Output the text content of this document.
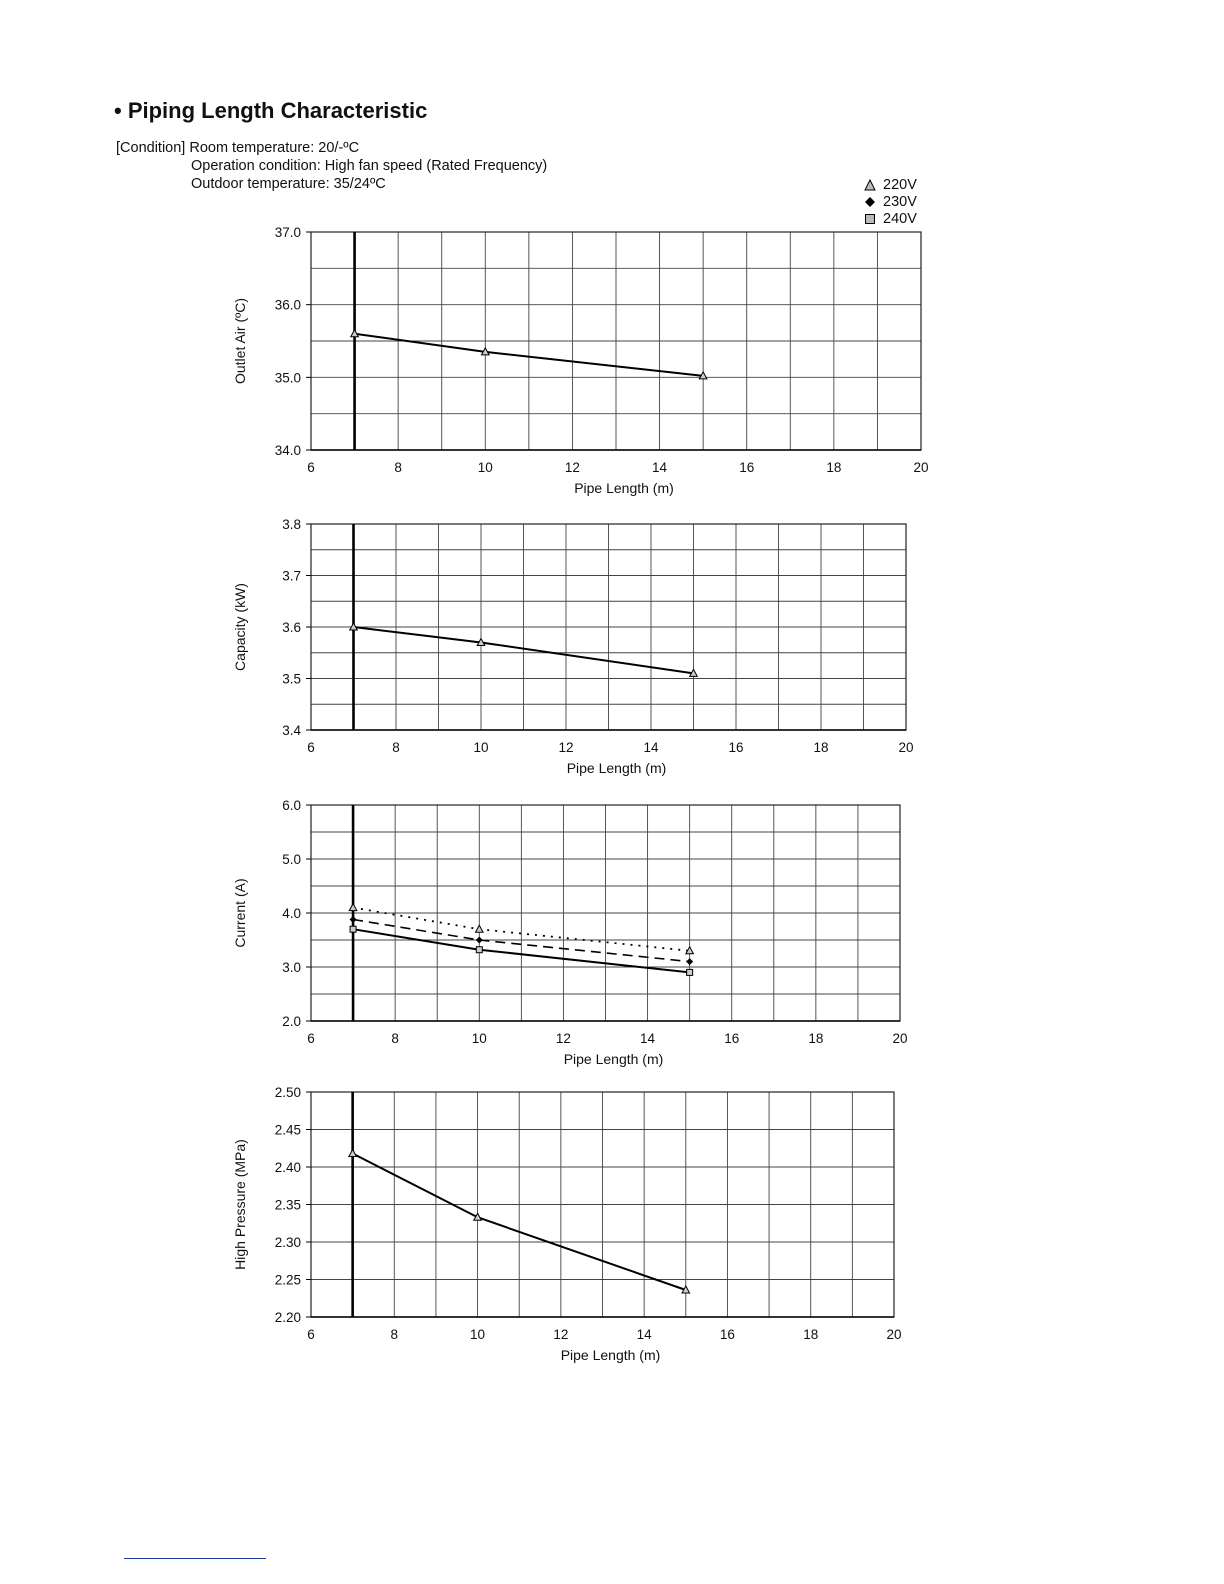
• Piping Length Characteristic
[Condition] Room temperature: 20/-ºC
Operation condition: High fan speed (Rated Frequency)
Outdoor temperature: 35/24ºC	220V
230V
240V
34.0
35.0
36.0
37.0
6	8	10	12	14	16	18	20
Pipe Length (m)
Outlet Air (ºC)
3.4
3.5
3.6
3.7
3.8
6	8	10	12	14	16	18	20
Pipe Length (m)
Capacity (kW)
2.0
3.0
4.0
5.0
6.0
6	8	10	12	14	16	18	20
Pipe Length (m)
Current (A)
2.20
2.25
2.30
2.35
2.40
2.45
2.50
6	8	10	12	14	16	18	20
Pipe Length (m)
High Pressure (MPa)
